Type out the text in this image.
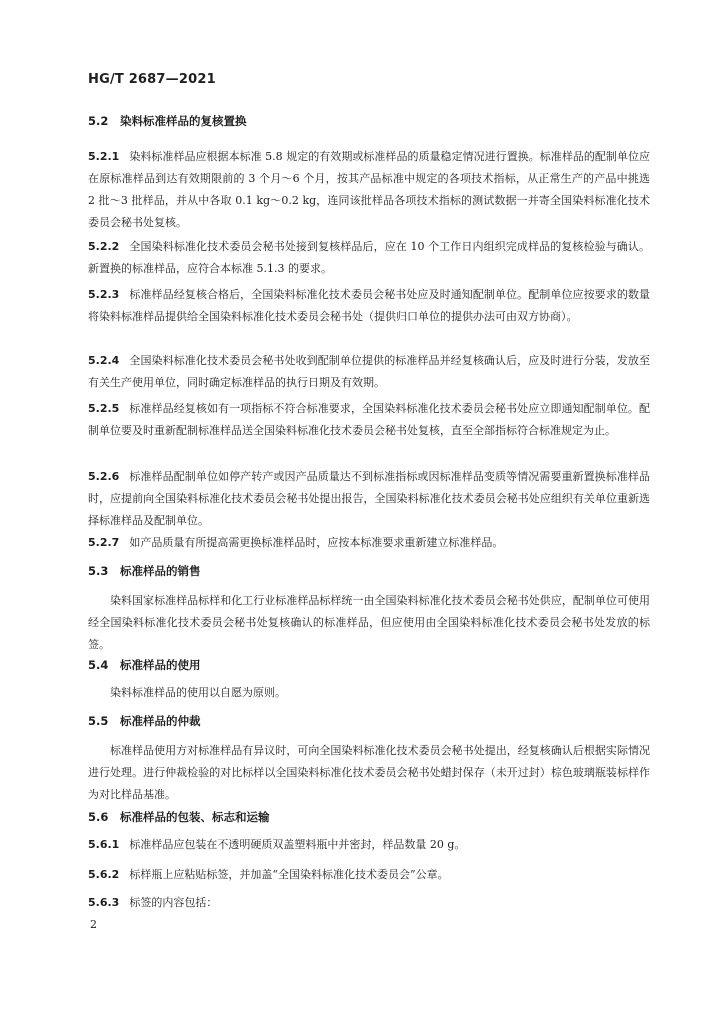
HG/T 2687—2021
5.2 染料标准样品的复核置换
5.2.1 染料标准样品应根据本标准 5.8 规定的有效期或标准样品的质量稳定情况进行置换。标准样品的配制单位应在原标准样品到达有效期限前的 3 个月～6 个月，按其产品标准中规定的各项技术指标，从正常生产的产品中挑选 2 批～3 批样品，并从中各取 0.1 kg～0.2 kg，连同该批样品各项技术指标的测试数据一并寄全国染料标准化技术委员会秘书处复核。
5.2.2 全国染料标准化技术委员会秘书处接到复核样品后，应在 10 个工作日内组织完成样品的复核检验与确认。新置换的标准样品，应符合本标准 5.1.3 的要求。
5.2.3 标准样品经复核合格后，全国染料标准化技术委员会秘书处应及时通知配制单位。配制单位应按要求的数量将染料标准样品提供给全国染料标准化技术委员会秘书处（提供归口单位的提供办法可由双方协商）。
5.2.4 全国染料标准化技术委员会秘书处收到配制单位提供的标准样品并经复核确认后，应及时进行分装，发放至有关生产使用单位，同时确定标准样品的执行日期及有效期。
5.2.5 标准样品经复核如有一项指标不符合标准要求，全国染料标准化技术委员会秘书处应立即通知配制单位。配制单位要及时重新配制标准样品送全国染料标准化技术委员会秘书处复核，直至全部指标符合标准规定为止。
5.2.6 标准样品配制单位如停产转产或因产品质量达不到标准指标或因标准样品变质等情况需要重新置换标准样品时，应提前向全国染料标准化技术委员会秘书处提出报告，全国染料标准化技术委员会秘书处应组织有关单位重新选择标准样品及配制单位。
5.2.7 如产品质量有所提高需更换标准样品时，应按本标准要求重新建立标准样品。
5.3 标准样品的销售
染料国家标准样品标样和化工行业标准样品标样统一由全国染料标准化技术委员会秘书处供应，配制单位可使用经全国染料标准化技术委员会秘书处复核确认的标准样品，但应使用由全国染料标准化技术委员会秘书处发放的标签。
5.4 标准样品的使用
染料标准样品的使用以自愿为原则。
5.5 标准样品的仲裁
标准样品使用方对标准样品有异议时，可向全国染料标准化技术委员会秘书处提出，经复核确认后根据实际情况进行处理。进行仲裁检验的对比标样以全国染料标准化技术委员会秘书处蜡封保存（未开过封）棕色玻璃瓶装标样作为对比样品基准。
5.6 标准样品的包装、标志和运输
5.6.1 标准样品应包装在不透明硬质双盖塑料瓶中并密封，样品数量 20 g。
5.6.2 标样瓶上应粘贴标签，并加盖“全国染料标准化技术委员会”公章。
5.6.3 标签的内容包括：
2
